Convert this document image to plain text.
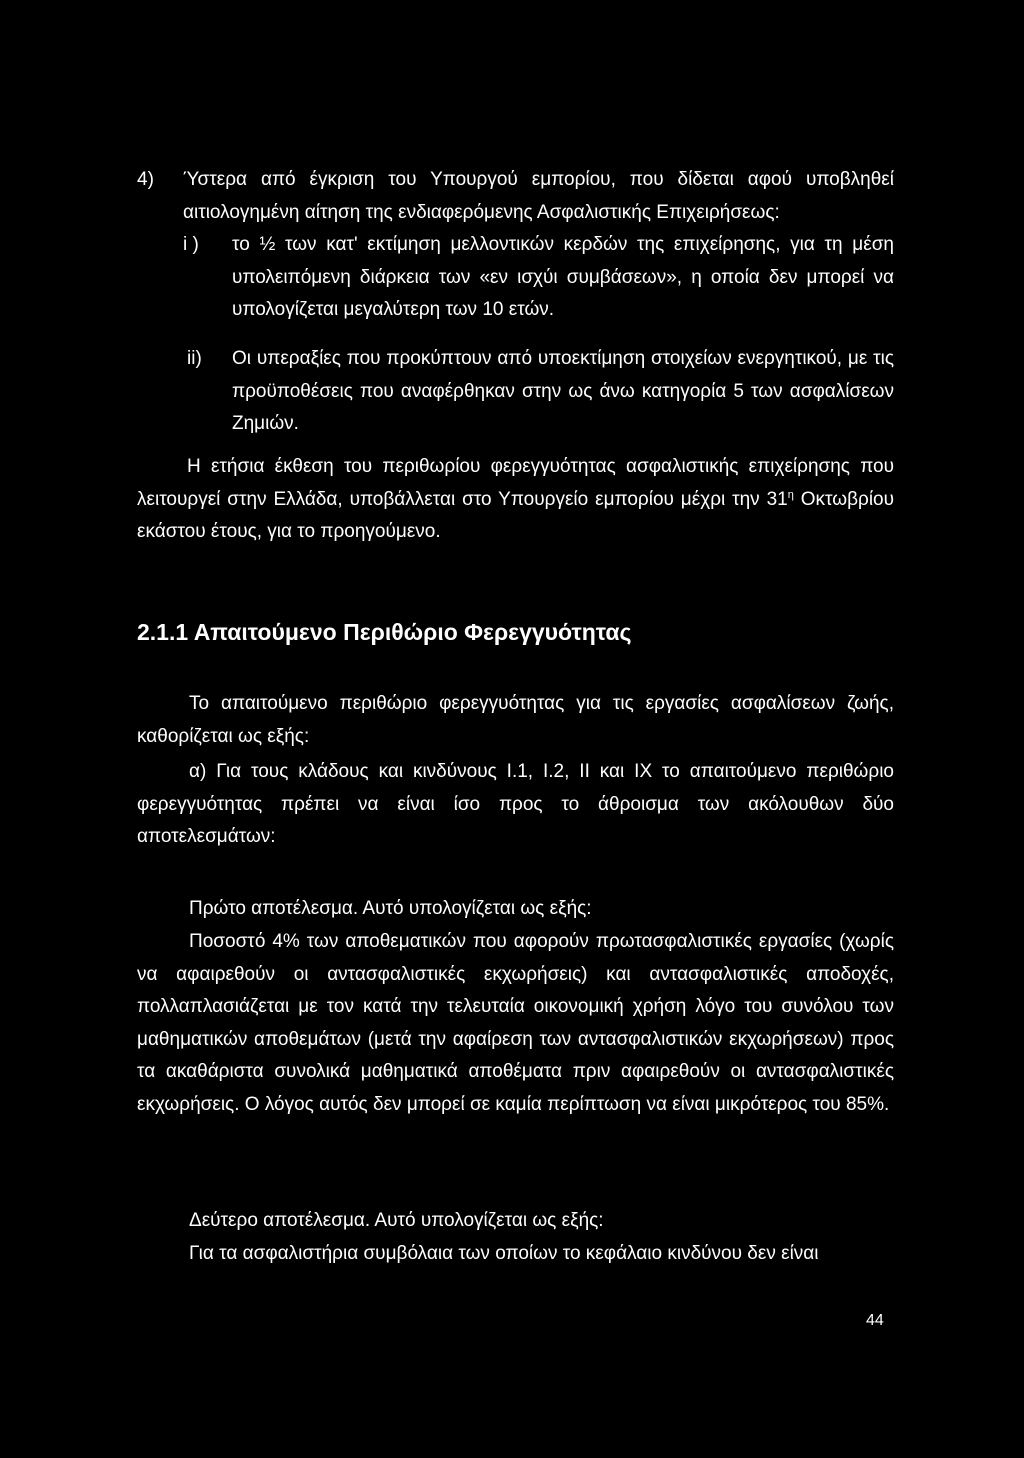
4) Ύστερα από έγκριση του Υπουργού εμπορίου, που δίδεται αφού υποβληθεί αιτιολογημένη αίτηση της ενδιαφερόμενης Ασφαλιστικής Επιχειρήσεως:
i ) το ½ των κατ' εκτίμηση μελλοντικών κερδών της επιχείρησης, για τη μέση υπολειπόμενη διάρκεια των «εν ισχύι συμβάσεων», η οποία δεν μπορεί να υπολογίζεται μεγαλύτερη των 10 ετών.
ii) Οι υπεραξίες που προκύπτουν από υποεκτίμηση στοιχείων ενεργητικού, με τις προϋποθέσεις που αναφέρθηκαν στην ως άνω κατηγορία 5 των ασφαλίσεων Ζημιών.
Η ετήσια έκθεση του περιθωρίου φερεγγυότητας ασφαλιστικής επιχείρησης που λειτουργεί στην Ελλάδα, υποβάλλεται στο Υπουργείο εμπορίου μέχρι την $31^\eta$ Οκτωβρίου εκάστου έτους, για το προηγούμενο.
2.1.1 Απαιτούμενο Περιθώριο Φερεγγυότητας
Το απαιτούμενο περιθώριο φερεγγυότητας για τις εργασίες ασφαλίσεων ζωής, καθορίζεται ως εξής:
α) Για τους κλάδους και κινδύνους Ι.1, Ι.2, ΙΙ και ΙΧ το απαιτούμενο περιθώριο φερεγγυότητας πρέπει να είναι ίσο προς το άθροισμα των ακόλουθων δύο αποτελεσμάτων:
Πρώτο αποτέλεσμα. Αυτό υπολογίζεται ως εξής:
Ποσοστό 4% των αποθεματικών που αφορούν πρωτασφαλιστικές εργασίες (χωρίς να αφαιρεθούν οι αντασφαλιστικές εκχωρήσεις) και αντασφαλιστικές αποδοχές, πολλαπλασιάζεται με τον κατά την τελευταία οικονομική χρήση λόγο του συνόλου των μαθηματικών αποθεμάτων (μετά την αφαίρεση των αντασφαλιστικών εκχωρήσεων) προς τα ακαθάριστα συνολικά μαθηματικά αποθέματα πριν αφαιρεθούν οι αντασφαλιστικές εκχωρήσεις. Ο λόγος αυτός δεν μπορεί σε καμία περίπτωση να είναι μικρότερος του 85%.
Δεύτερο αποτέλεσμα. Αυτό υπολογίζεται ως εξής:
Για τα ασφαλιστήρια συμβόλαια των οποίων το κεφάλαιο κινδύνου δεν είναι
44
